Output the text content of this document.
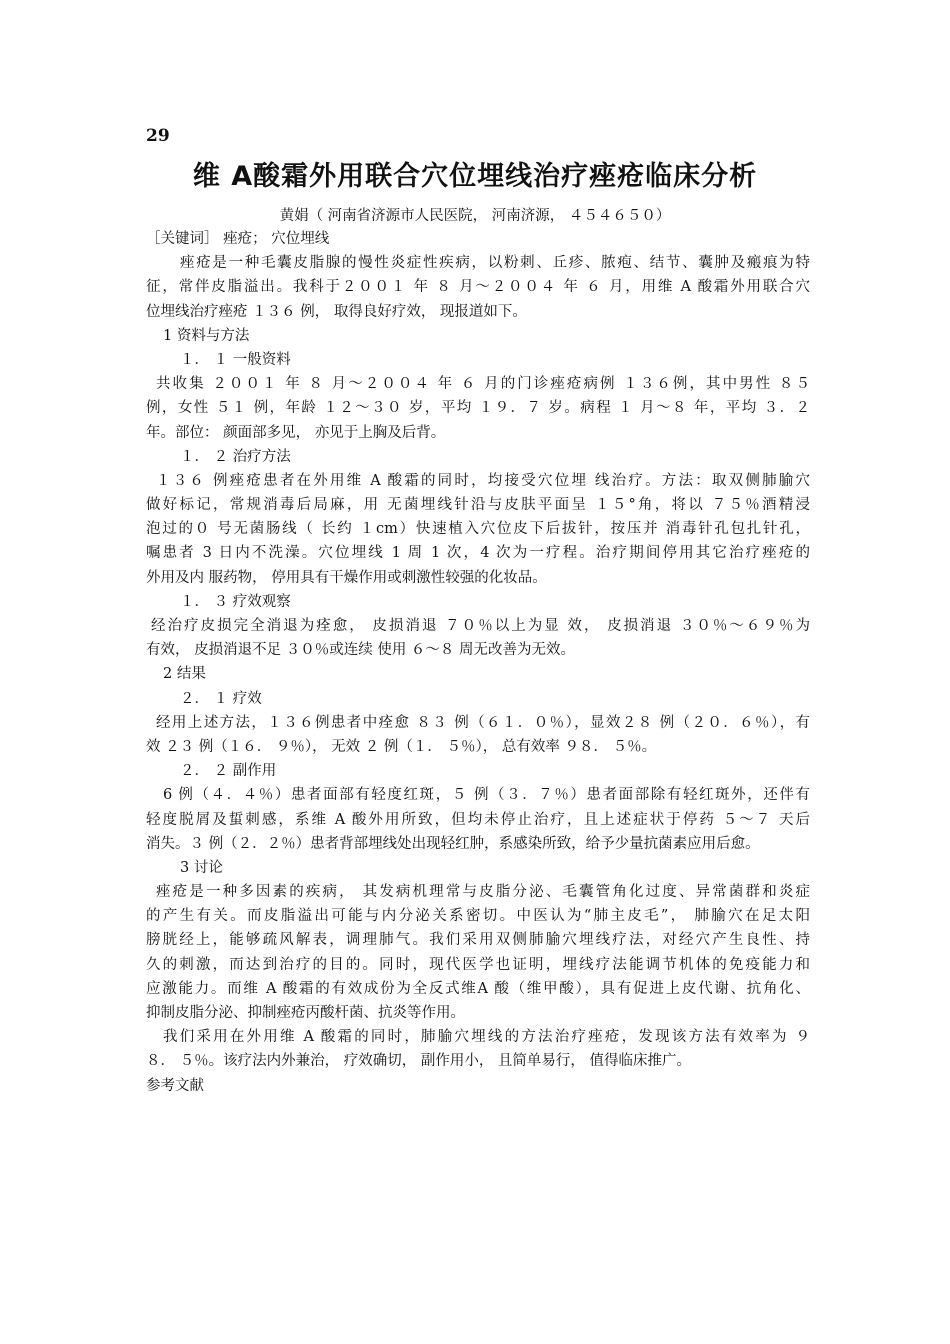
29
维 A酸霜外用联合穴位埋线治疗痤疮临床分析
黄娟（ 河南省济源市人民医院， 河南济源， ４５４６５０）
［关键词］ 痤疮； 穴位埋线
痤疮是一种毛囊皮脂腺的慢性炎症性疾病，以粉刺、丘疹、脓疱、结节、囊肿及瘢痕为特
征，常伴皮脂溢出。我科于２００１ 年 ８ 月～２００４ 年 ６ 月，用维 A 酸霜外用联合穴
位埋线治疗痤疮 １３６ 例， 取得良好疗效， 现报道如下。
1 资料与方法
１． １ 一般资料
共收集 ２００１ 年 ８ 月～２００４ 年 ６ 月的门诊痤疮病例 １３６例，其中男性 ８５
例，女性 ５１ 例，年龄 １２～３０ 岁，平均 １９．７ 岁。病程 １ 月～８ 年，平均 ３．２
年。部位： 颜面部多见， 亦见于上胸及后背。
１． ２ 治疗方法
１３６ 例痤疮患者在外用维 A 酸霜的同时，均接受穴位埋 线治疗。方法：取双侧肺腧穴
做好标记，常规消毒后局麻，用 无菌埋线针沿与皮肤平面呈 １５°角，将以 ７５％酒精浸
泡过的０ 号无菌肠线（ 长约 １cm）快速植入穴位皮下后拔针，按压并 消毒针孔包扎针孔，
嘱患者 3 日内不洗澡。穴位埋线 1 周 1 次，4 次为一疗程。治疗期间停用其它治疗痤疮的
外用及内 服药物， 停用具有干燥作用或刺激性较强的化妆品。
１． ３ 疗效观察
经治疗皮损完全消退为痊愈， 皮损消退 ７０％以上为显 效， 皮损消退 ３０％～６９％为
有效， 皮损消退不足 ３０％或连续 使用 ６～８ 周无改善为无效。
2 结果
２． １ 疗效
经用上述方法，１３６例患者中痊愈 ８３ 例（６１．０％），显效２８ 例（２０．６％），有
效 ２３ 例（１６． ９％）， 无效 ２ 例（１． ５％）， 总有效率 ９８． ５％。
２． ２ 副作用
6 例（４．４％）患者面部有轻度红斑，５ 例（３．７％）患者面部除有轻红斑外，还伴有
轻度脱屑及蜇刺感，系维 A 酸外用所致，但均未停止治疗，且上述症状于停药 ５～７ 天后
消失。３ 例（２．２％）患者背部埋线处出现轻红肿，系感染所致，给予少量抗菌素应用后愈。
3 讨论
痤疮是一种多因素的疾病， 其发病机理常与皮脂分泌、毛囊管角化过度、异常菌群和炎症
的产生有关。而皮脂溢出可能与内分泌关系密切。中医认为“肺主皮毛”， 肺腧穴在足太阳
膀胱经上，能够疏风解表，调理肺气。我们采用双侧肺腧穴埋线疗法，对经穴产生良性、持
久的刺激，而达到治疗的目的。同时，现代医学也证明，埋线疗法能调节机体的免疫能力和
应激能力。而维 A 酸霜的有效成份为全反式维A 酸（维甲酸），具有促进上皮代谢、抗角化、
抑制皮脂分泌、抑制痤疮丙酸杆菌、抗炎等作用。
我们采用在外用维 A 酸霜的同时，肺腧穴埋线的方法治疗痤疮，发现该方法有效率为 ９
８． ５％。该疗法内外兼治， 疗效确切， 副作用小， 且简单易行， 值得临床推广。
参考文献
